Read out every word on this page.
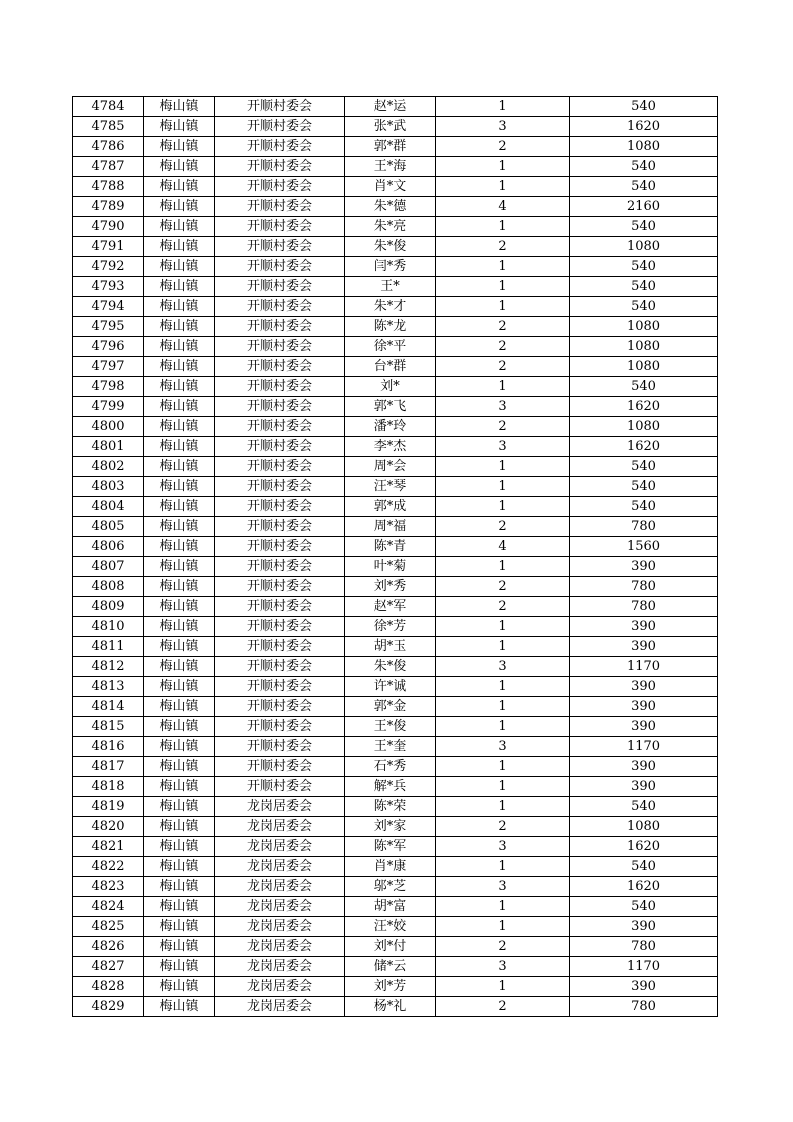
4784	梅山镇	开顺村委会	赵*运	1	540
4785	梅山镇	开顺村委会	张*武	3	1620
4786	梅山镇	开顺村委会	郭*群	2	1080
4787	梅山镇	开顺村委会	王*海	1	540
4788	梅山镇	开顺村委会	肖*文	1	540
4789	梅山镇	开顺村委会	朱*德	4	2160
4790	梅山镇	开顺村委会	朱*亮	1	540
4791	梅山镇	开顺村委会	朱*俊	2	1080
4792	梅山镇	开顺村委会	闫*秀	1	540
4793	梅山镇	开顺村委会	王*	1	540
4794	梅山镇	开顺村委会	朱*才	1	540
4795	梅山镇	开顺村委会	陈*龙	2	1080
4796	梅山镇	开顺村委会	徐*平	2	1080
4797	梅山镇	开顺村委会	台*群	2	1080
4798	梅山镇	开顺村委会	刘*	1	540
4799	梅山镇	开顺村委会	郭*飞	3	1620
4800	梅山镇	开顺村委会	潘*玲	2	1080
4801	梅山镇	开顺村委会	李*杰	3	1620
4802	梅山镇	开顺村委会	周*会	1	540
4803	梅山镇	开顺村委会	汪*琴	1	540
4804	梅山镇	开顺村委会	郭*成	1	540
4805	梅山镇	开顺村委会	周*福	2	780
4806	梅山镇	开顺村委会	陈*青	4	1560
4807	梅山镇	开顺村委会	叶*菊	1	390
4808	梅山镇	开顺村委会	刘*秀	2	780
4809	梅山镇	开顺村委会	赵*军	2	780
4810	梅山镇	开顺村委会	徐*芳	1	390
4811	梅山镇	开顺村委会	胡*玉	1	390
4812	梅山镇	开顺村委会	朱*俊	3	1170
4813	梅山镇	开顺村委会	许*诚	1	390
4814	梅山镇	开顺村委会	郭*金	1	390
4815	梅山镇	开顺村委会	王*俊	1	390
4816	梅山镇	开顺村委会	王*奎	3	1170
4817	梅山镇	开顺村委会	石*秀	1	390
4818	梅山镇	开顺村委会	解*兵	1	390
4819	梅山镇	龙岗居委会	陈*荣	1	540
4820	梅山镇	龙岗居委会	刘*家	2	1080
4821	梅山镇	龙岗居委会	陈*军	3	1620
4822	梅山镇	龙岗居委会	肖*康	1	540
4823	梅山镇	龙岗居委会	邬*芝	3	1620
4824	梅山镇	龙岗居委会	胡*富	1	540
4825	梅山镇	龙岗居委会	汪*姣	1	390
4826	梅山镇	龙岗居委会	刘*付	2	780
4827	梅山镇	龙岗居委会	储*云	3	1170
4828	梅山镇	龙岗居委会	刘*芳	1	390
4829	梅山镇	龙岗居委会	杨*礼	2	780
